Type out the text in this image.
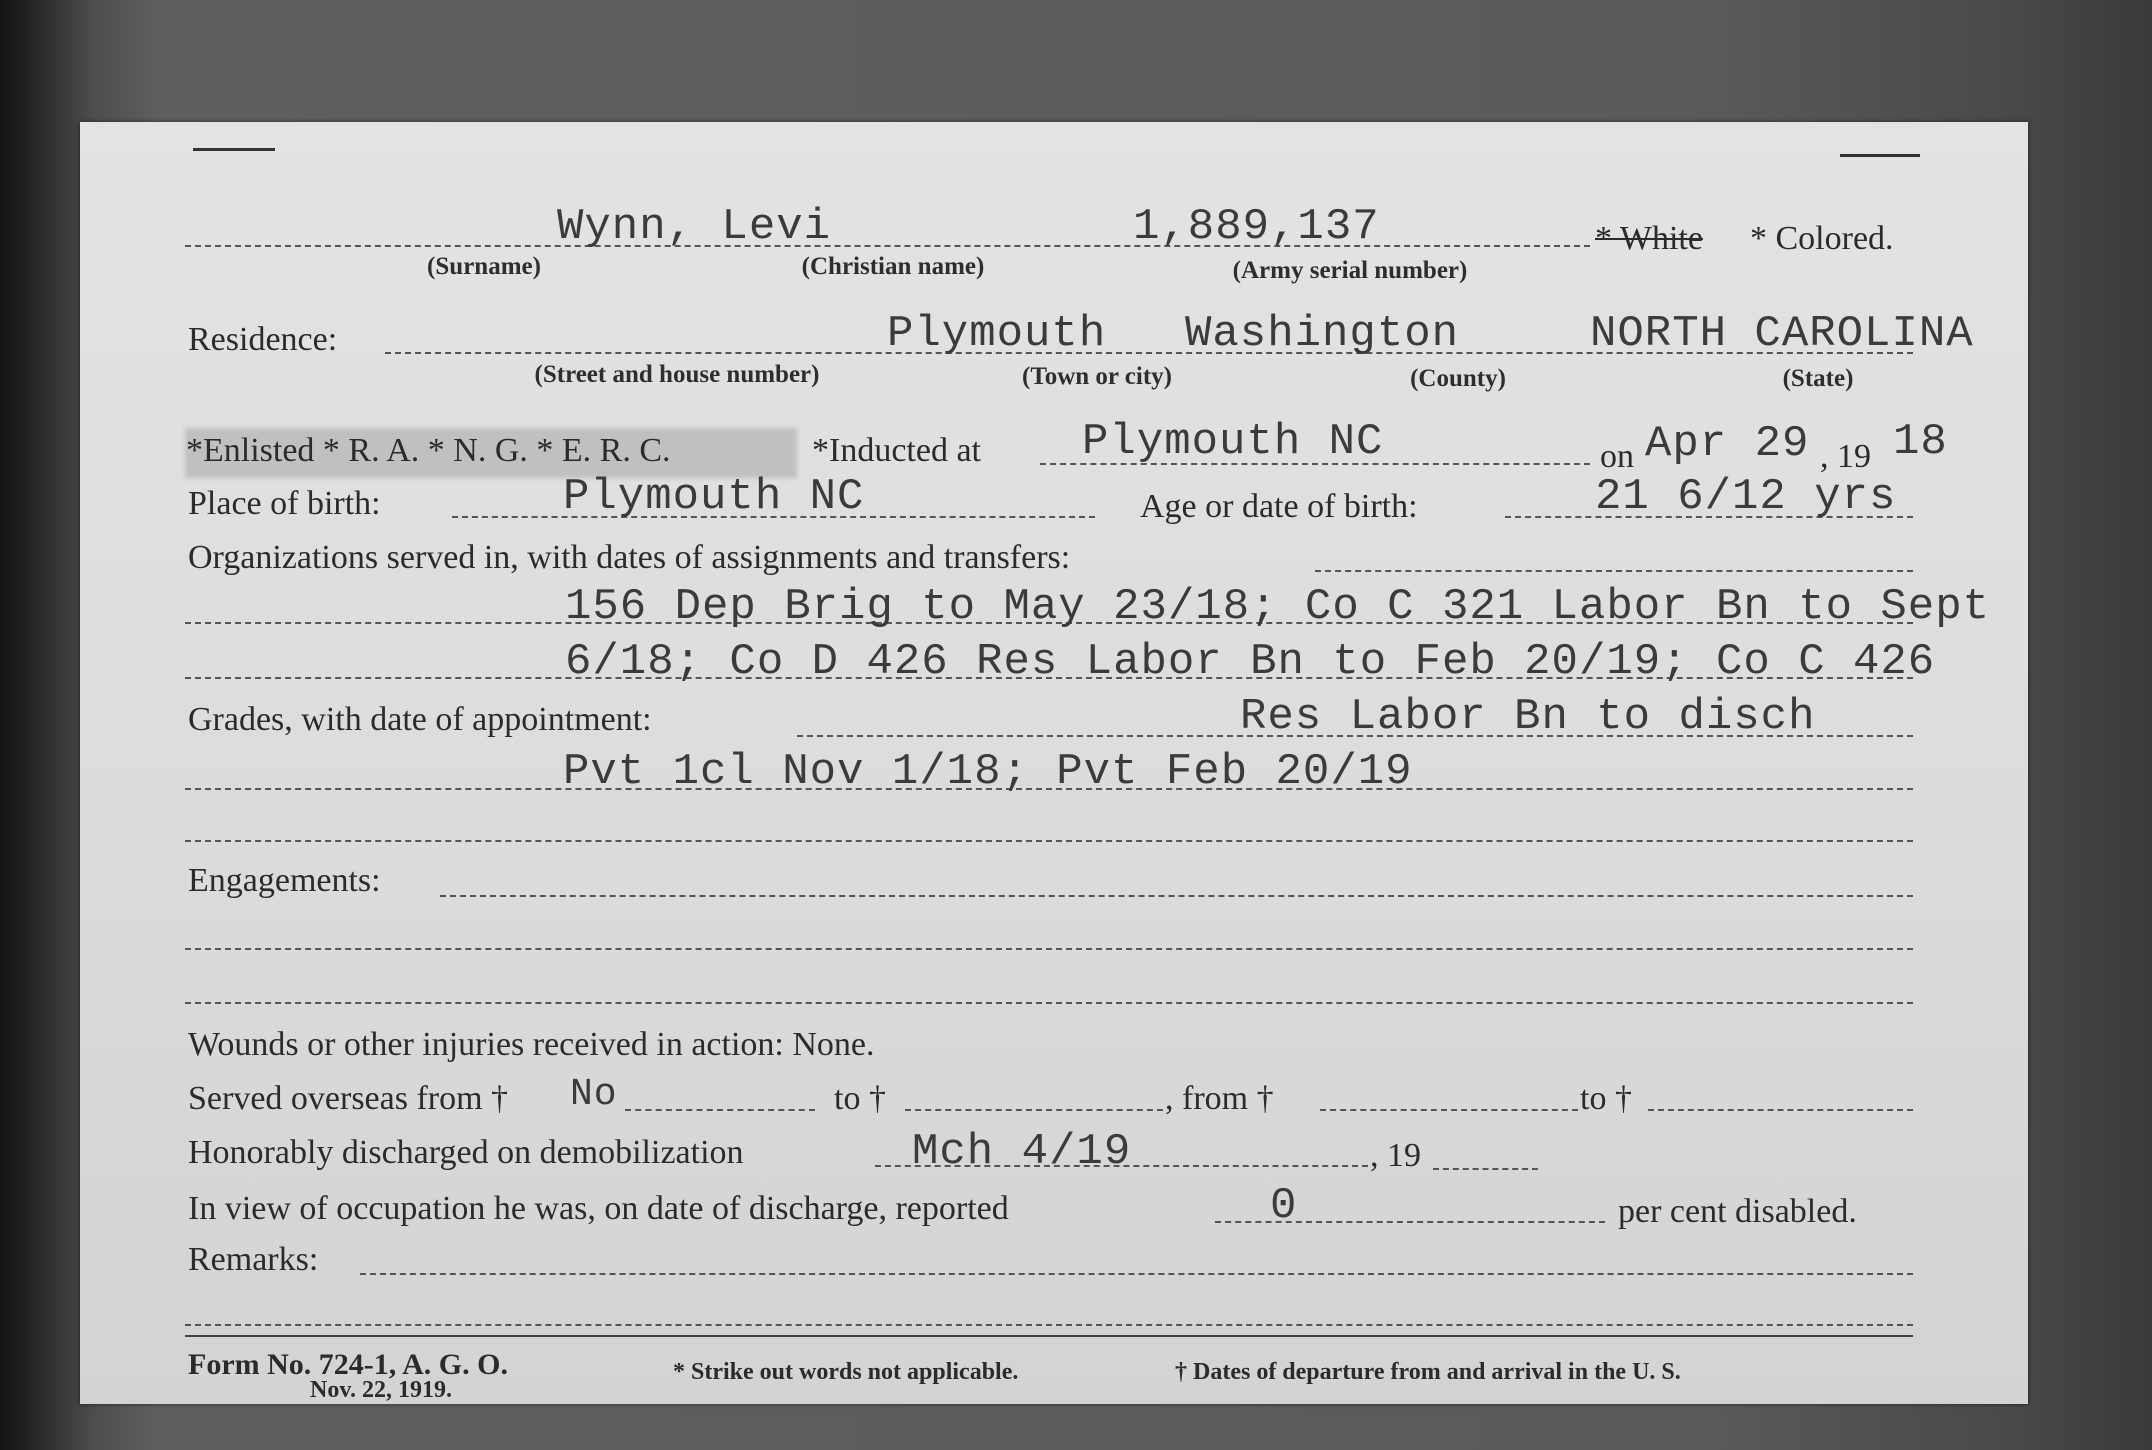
Wynn, Levi	1,889,137	* White * Colored.
(Surname)	(Christian name)	(Army serial number)
Residence:	Plymouth Washington	NORTH CAROLINA
(Street and house number)	(Town or city)	(County)	(State)
*Enlisted * R. A. * N. G. * E. R. C.	*Inducted at Plymouth NC	on Apr 29 , 19 18
Place of birth:	Plymouth NC	Age or date of birth:	21 6/12 yrs
Organizations served in, with dates of assignments and transfers:
156 Dep Brig to May 23/18; Co C 321 Labor Bn to Sept
6/18; Co D 426 Res Labor Bn to Feb 20/19; Co C 426
Grades, with date of appointment:	Res Labor Bn to disch
Pvt 1cl Nov 1/18; Pvt Feb 20/19
Engagements:
Wounds or other injuries received in action: None.
Served overseas from † No	to †	, from †	to †
Honorably discharged on demobilization	Mch 4/19	, 19
In view of occupation he was, on date of discharge, reported	0	per cent disabled.
Remarks:
Form No. 724-1, A. G. O.
Nov. 22, 1919.
* Strike out words not applicable.	† Dates of departure from and arrival in the U. S.
